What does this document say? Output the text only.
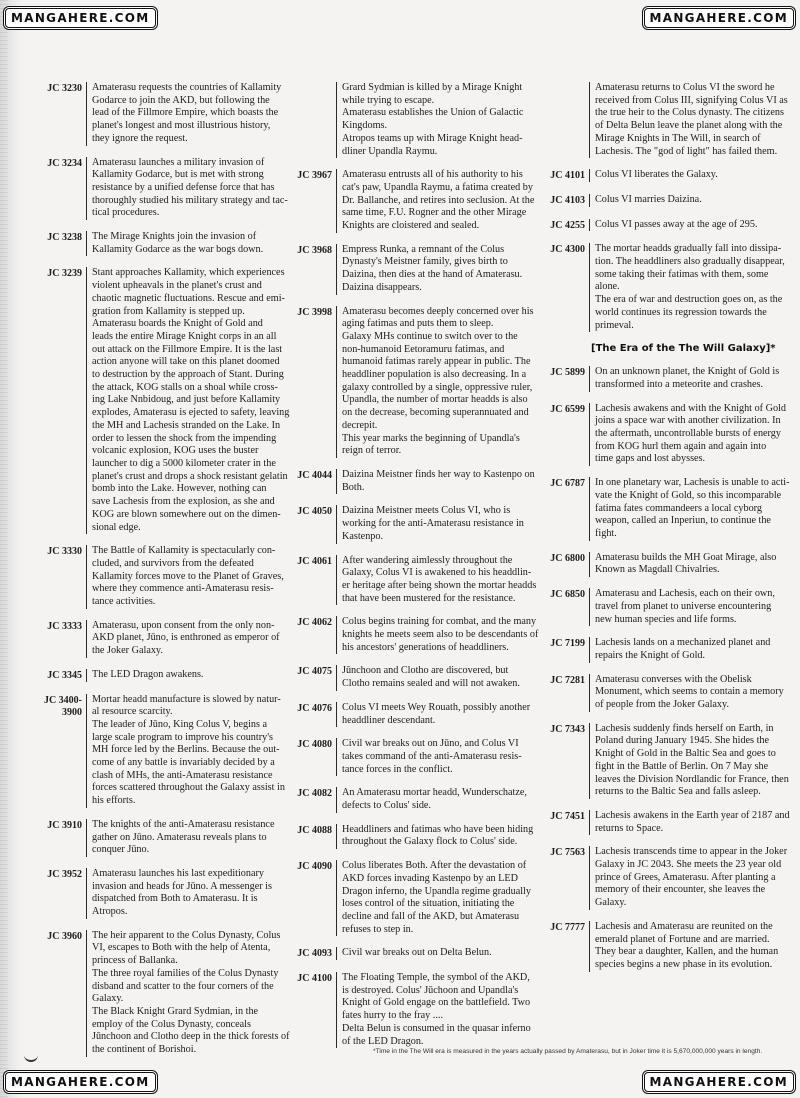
MANGAHERE.COM	MANGAHERE.COM
MANGAHERE.COM	MANGAHERE.COM
JC 3230 Amaterasu requests the countries of Kallamity
Godarce to join the AKD, but following the
lead of the Fillmore Empire, which boasts the
planet's longest and most illustrious history,
they ignore the request.
JC 3234 Amaterasu launches a military invasion of
Kallamity Godarce, but is met with strong
resistance by a unified defense force that has
thoroughly studied his military strategy and tac-
tical procedures.
JC 3238 The Mirage Knights join the invasion of
Kallamity Godarce as the war bogs down.
JC 3239 Stant approaches Kallamity, which experiences
violent upheavals in the planet's crust and
chaotic magnetic fluctuations. Rescue and emi-
gration from Kallamity is stepped up.
Amaterasu boards the Knight of Gold and
leads the entire Mirage Knight corps in an all
out attack on the Fillmore Empire. It is the last
action anyone will take on this planet doomed
to destruction by the approach of Stant. During
the attack, KOG stalls on a shoal while cross-
ing Lake Nnbidoug, and just before Kallamity
explodes, Amaterasu is ejected to safety, leaving
the MH and Lachesis stranded on the Lake. In
order to lessen the shock from the impending
volcanic explosion, KOG uses the buster
launcher to dig a 5000 kilometer crater in the
planet's crust and drops a shock resistant gelatin
bomb into the Lake. However, nothing can
save Lachesis from the explosion, as she and
KOG are blown somewhere out on the dimen-
sional edge.
JC 3330 The Battle of Kallamity is spectacularly con-
cluded, and survivors from the defeated
Kallamity forces move to the Planet of Graves,
where they commence anti-Amaterasu resis-
tance activities.
JC 3333 Amaterasu, upon consent from the only non-
AKD planet, Jūno, is enthroned as emperor of
the Joker Galaxy.
JC 3345 The LED Dragon awakens.
JC 3400-
3900
Mortar headd manufacture is slowed by natur-
al resource scarcity.
The leader of Jūno, King Colus V, begins a
large scale program to improve his country's
MH force led by the Berlins. Because the out-
come of any battle is invariably decided by a
clash of MHs, the anti-Amaterasu resistance
forces scattered throughout the Galaxy assist in
his efforts.
JC 3910 The knights of the anti-Amaterasu resistance
gather on Jūno. Amaterasu reveals plans to
conquer Jūno.
JC 3952 Amaterasu launches his last expeditionary
invasion and heads for Jūno. A messenger is
dispatched from Both to Amaterasu. It is
Atropos.
JC 3960 The heir apparent to the Colus Dynasty, Colus
VI, escapes to Both with the help of Atenta,
princess of Ballanka.
The three royal families of the Colus Dynasty
disband and scatter to the four corners of the
Galaxy.
The Black Knight Grard Sydmian, in the
employ of the Colus Dynasty, conceals
Jūnchoon and Clotho deep in the thick forests of
the continent of Borishoi.
Grard Sydmian is killed by a Mirage Knight
while trying to escape.
Amaterasu establishes the Union of Galactic
Kingdoms.
Atropos teams up with Mirage Knight head-
dliner Upandla Raymu.
JC 3967 Amaterasu entrusts all of his authority to his
cat's paw, Upandla Raymu, a fatima created by
Dr. Ballanche, and retires into seclusion. At the
same time, F.U. Rogner and the other Mirage
Knights are cloistered and sealed.
JC 3968 Empress Runka, a remnant of the Colus
Dynasty's Meistner family, gives birth to
Daizina, then dies at the hand of Amaterasu.
Daizina disappears.
JC 3998 Amaterasu becomes deeply concerned over his
aging fatimas and puts them to sleep.
Galaxy MHs continue to switch over to the
non-humanoid Eetoramuru fatimas, and
humanoid fatimas rarely appear in public. The
headdliner population is also decreasing. In a
galaxy controlled by a single, oppressive ruler,
Upandla, the number of mortar headds is also
on the decrease, becoming superannuated and
decrepit.
This year marks the beginning of Upandla's
reign of terror.
JC 4044 Daizina Meistner finds her way to Kastenpo on
Both.
JC 4050 Daizina Meistner meets Colus VI, who is
working for the anti-Amaterasu resistance in
Kastenpo.
JC 4061 After wandering aimlessly throughout the
Galaxy, Colus VI is awakened to his headdlin-
er heritage after being shown the mortar headds
that have been mustered for the resistance.
JC 4062 Colus begins training for combat, and the many
knights he meets seem also to be descendants of
his ancestors' generations of headdliners.
JC 4075 Jūnchoon and Clotho are discovered, but
Clotho remains sealed and will not awaken.
JC 4076 Colus VI meets Wey Rouath, possibly another
headdliner descendant.
JC 4080 Civil war breaks out on Jūno, and Colus VI
takes command of the anti-Amaterasu resis-
tance forces in the conflict.
JC 4082 An Amaterasu mortar headd, Wunderschatze,
defects to Colus' side.
JC 4088 Headdliners and fatimas who have been hiding
throughout the Galaxy flock to Colus' side.
JC 4090 Colus liberates Both. After the devastation of
AKD forces invading Kastenpo by an LED
Dragon inferno, the Upandla regime gradually
loses control of the situation, initiating the
decline and fall of the AKD, but Amaterasu
refuses to step in.
JC 4093 Civil war breaks out on Delta Belun.
JC 4100 The Floating Temple, the symbol of the AKD,
is destroyed. Colus' Jūchoon and Upandla's
Knight of Gold engage on the battlefield. Two
fates hurry to the fray ....
Delta Belun is consumed in the quasar inferno
of the LED Dragon.
Amaterasu returns to Colus VI the sword he
received from Colus III, signifying Colus VI as
the true heir to the Colus dynasty. The citizens
of Delta Belun leave the planet along with the
Mirage Knights in The Will, in search of
Lachesis. The "god of light" has failed them.
JC 4101 Colus VI liberates the Galaxy.
JC 4103 Colus VI marries Daizina.
JC 4255 Colus VI passes away at the age of 295.
JC 4300 The mortar headds gradually fall into dissipa-
tion. The headdliners also gradually disappear,
some taking their fatimas with them, some
alone.
The era of war and destruction goes on, as the
world continues its regression towards the
primeval.
[The Era of the The Will Galaxy]*
JC 5899 On an unknown planet, the Knight of Gold is
transformed into a meteorite and crashes.
JC 6599 Lachesis awakens and with the Knight of Gold
joins a space war with another civilization. In
the aftermath, uncontrollable bursts of energy
from KOG hurl them again and again into
time gaps and lost abysses.
JC 6787 In one planetary war, Lachesis is unable to acti-
vate the Knight of Gold, so this incomparable
fatima fates commandeers a local cyborg
weapon, called an Inperiun, to continue the
fight.
JC 6800 Amaterasu builds the MH Goat Mirage, also
Known as Magdall Chivalries.
JC 6850 Amaterasu and Lachesis, each on their own,
travel from planet to universe encountering
new human species and life forms.
JC 7199 Lachesis lands on a mechanized planet and
repairs the Knight of Gold.
JC 7281 Amaterasu converses with the Obelisk
Monument, which seems to contain a memory
of people from the Joker Galaxy.
JC 7343 Lachesis suddenly finds herself on Earth, in
Poland during January 1945. She hides the
Knight of Gold in the Baltic Sea and goes to
fight in the Battle of Berlin. On 7 May she
leaves the Division Nordlandic for France, then
returns to the Baltic Sea and falls asleep.
JC 7451 Lachesis awakens in the Earth year of 2187 and
returns to Space.
JC 7563 Lachesis transcends time to appear in the Joker
Galaxy in JC 2043. She meets the 23 year old
prince of Grees, Amaterasu. After planting a
memory of their encounter, she leaves the
Galaxy.
JC 7777 Lachesis and Amaterasu are reunited on the
emerald planet of Fortune and are married.
They bear a daughter, Kallen, and the human
species begins a new phase in its evolution.
*Time in the The Will era is measured in the years actually passed by Amaterasu, but in Joker time it is 5,670,000,000 years in length.
